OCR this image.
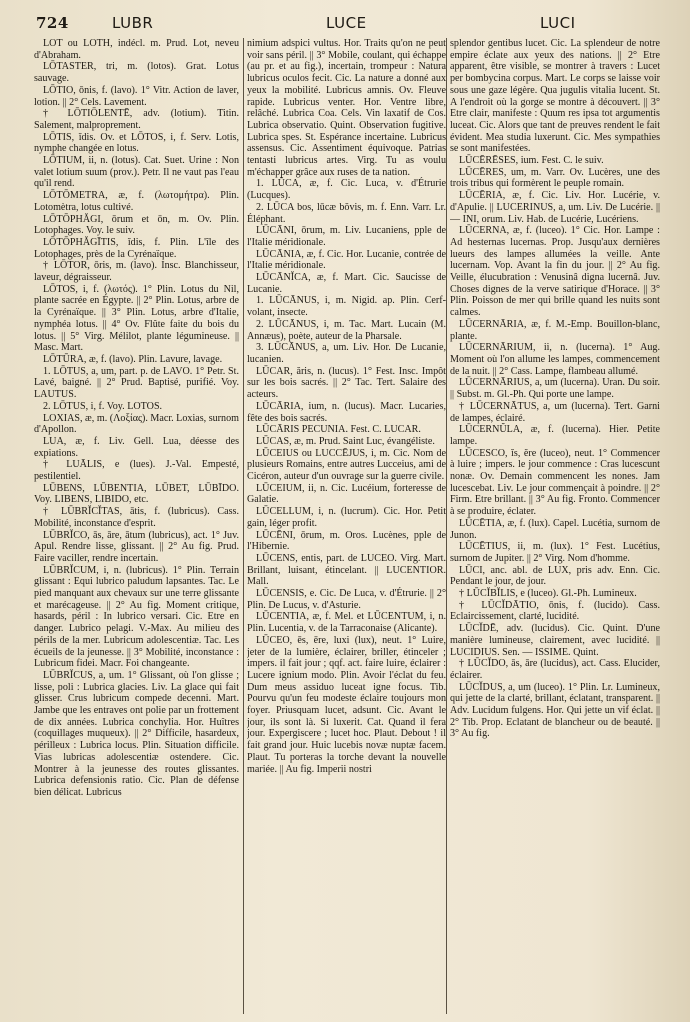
724	LUBR	LUCE	LUCI

LOT ou LOTH, indécl. m. Prud. Lot, neveu d'Abraham.

LŌTASTER, tri, m. (lotos). Grat. Lotus sauvage.

LŌTIO, ōnis, f. (lavo). 1° Vitr. Action de laver, lotion. || 2° Cels. Lavement.

† LŌTIŌLENTĒ, adv. (lotium). Titin. Salement, malproprement.

LŌTIS, ĭdis. Ov. et LŌTOS, i, f. Serv. Lotis, nymphe changée en lotus.

LŌTIUM, ii, n. (lotus). Cat. Suet. Urine : Non valet lotium suum (prov.). Petr. Il ne vaut pas l'eau qu'il rend.

LŌTŌMETRA, æ, f. (λωτομήτρα). Plin. Lotomètra, lotus cultivé.

LŌTŌPHĂGI, ōrum et ōn, m. Ov. Plin. Lotophages. Voy. le suiv.

LŌTŌPHĂGĪTIS, ĭdis, f. Plin. L'île des Lotophages, près de la Cyrénaïque.

† LŌTOR, ōris, m. (lavo). Insc. Blanchisseur, laveur, dégraisseur.

LŌTOS, i, f. (λωτός). 1° Plin. Lotus du Nil, plante sacrée en Égypte. || 2° Plin. Lotus, arbre de la Cyrénaïque. || 3° Plin. Lotus, arbre d'Italie, nymphéa lotus. || 4° Ov. Flûte faite du bois du lotus. || 5° Virg. Mélilot, plante légumineuse. || Masc. Mart.

LŌTŪRA, æ, f. (lavo). Plin. Lavure, lavage.

1. LŌTUS, a, um, part. p. de LAVO. 1° Petr. St. Lavé, baigné. || 2° Prud. Baptisé, purifié. Voy. LAUTUS.

2. LŌTUS, i, f. Voy. LOTOS.

LOXIAS, æ, m. (Λοξίας). Macr. Loxias, surnom d'Apollon.

LUA, æ, f. Liv. Gell. Lua, déesse des expiations.

† LUĀLIS, e (lues). J.-Val. Empesté, pestilentiel.

LŪBENS, LŪBENTIA, LŪBET, LŪBĪDO. Voy. LIBENS, LIBIDO, etc.

† LŪBRĬCĬTAS, ātis, f. (lubricus). Cass. Mobilité, inconstance d'esprit.

LŪBRĬCO, ās, āre, ātum (lubricus), act. 1° Juv. Apul. Rendre lisse, glissant. || 2° Au fig. Prud. Faire vaciller, rendre incertain.

LŪBRĬCUM, i, n. (lubricus). 1° Plin. Terrain glissant : Equi lubrico paludum lapsantes. Tac. Le pied manquant aux chevaux sur une terre glissante et marécageuse. || 2° Au fig. Moment critique, hasards, péril : In lubrico versari. Cic. Etre en danger. Lubrico pelagi. V.-Max. Au milieu des périls de la mer. Lubricum adolescentiæ. Tac. Les écueils de la jeunesse. || 3° Mobilité, inconstance : Lubricum fidei. Macr. Foi changeante.

LŪBRĬCUS, a, um. 1° Glissant, où l'on glisse ; lisse, poli : Lubrica glacies. Liv. La glace qui fait glisser. Crus lubricum compede decenni. Mart. Jambe que les entraves ont polie par un frottement de dix années. Lubrica conchylia. Hor. Huîtres (coquillages muqueux). || 2° Difficile, hasardeux, périlleux : Lubrica locus. Plin. Situation difficile. Vias lubricas adolescentiæ ostendere. Cic. Montrer à la jeunesse des routes glissantes. Lubrica defensionis ratio. Cic. Plan de défense bien délicat. Lubricus

nimium adspici vultus. Hor. Traits qu'on ne peut voir sans péril. || 3° Mobile, coulant, qui échappe (au pr. et au fig.), incertain, trompeur : Natura lubricus oculos fecit. Cic. La nature a donné aux yeux la mobilité. Lubricus amnis. Ov. Fleuve rapide. Lubricus venter. Hor. Ventre libre, relâché. Lubrica Coa. Cels. Vin laxatif de Cos. Lubrica observatio. Quint. Observation fugitive. Lubrica spes. St. Espérance incertaine. Lubricus assensus. Cic. Assentiment équivoque. Patrias tentasti lubricus artes. Virg. Tu as voulu m'échapper grâce aux ruses de ta nation.

1. LŪCA, æ, f. Cic. Luca, v. d'Étrurie (Lucques).

2. LŪCA bos, lūcæ bŏvis, m. f. Enn. Varr. Lr. Éléphant.

LŪCĀNI, ōrum, m. Liv. Lucaniens, pple de l'Italie méridionale.

LŪCĀNIA, æ, f. Cic. Hor. Lucanie, contrée de l'Italie méridionale.

LŪCĀNĬCA, æ, f. Mart. Cic. Saucisse de Lucanie.

1. LŪCĀNUS, i, m. Nigid. ap. Plin. Cerf-volant, insecte.

2. LŪCĀNUS, i, m. Tac. Mart. Lucain (M. Annæus), poète, auteur de la Pharsale.

3. LŪCĀNUS, a, um. Liv. Hor. De Lucanie, lucanien.

LŪCAR, ăris, n. (lucus). 1° Fest. Insc. Impôt sur les bois sacrés. || 2° Tac. Tert. Salaire des acteurs.

LŪCĀRIA, ium, n. (lucus). Macr. Lucaries, fête des bois sacrés.

LŪCĀRIS PECUNIA. Fest. C. LUCAR.

LŪCAS, æ, m. Prud. Saint Luc, évangéliste.

LŪCEIUS ou LUCCĒJUS, i, m. Cic. Nom de plusieurs Romains, entre autres Lucceius, ami de Cicéron, auteur d'un ouvrage sur la guerre civile.

LŪCEIUM, ii, n. Cic. Lucéium, forteresse de Galatie.

LŪCELLUM, i, n. (lucrum). Cic. Hor. Petit gain, léger profit.

LŪCĒNI, ōrum, m. Oros. Lucènes, pple de l'Hibernie.

LŪCENS, entis, part. de LUCEO. Virg. Mart. Brillant, luisant, étincelant. || LUCENTIOR. Mall.

LŪCENSIS, e. Cic. De Luca, v. d'Étrurie. || 2° Plin. De Lucus, v. d'Asturie.

LŪCENTIA, æ, f. Mel. et LŪCENTUM, i, n. Plin. Lucentia, v. de la Tarraconaise (Alicante).

LŪCEO, ēs, ēre, luxi (lux), neut. 1° Luire, jeter de la lumière, éclairer, briller, étinceler ; impers. il fait jour ; qqf. act. faire luire, éclairer : Lucere ignium modo. Plin. Avoir l'éclat du feu. Dum meus assiduo luceat igne focus. Tib. Pourvu qu'un feu modeste éclaire toujours mon foyer. Priusquam lucet, adsunt. Cic. Avant le jour, ils sont là. Si luxerit. Cat. Quand il fera jour. Expergiscere ; lucet hoc. Plaut. Debout ! il fait grand jour. Huic lucebis novæ nuptæ facem. Plaut. Tu porteras la torche devant la nouvelle mariée. || Au fig. Imperii nostri

splendor gentibus lucet. Cic. La splendeur de notre empire éclate aux yeux des nations. || 2° Etre apparent, être visible, se montrer à travers : Lucet per bombycina corpus. Mart. Le corps se laisse voir sous une gaze légère. Qua jugulis vitalia lucent. St. A l'endroit où la gorge se montre à découvert. || 3° Etre clair, manifeste : Quum res ipsa tot argumentis luceat. Cic. Alors que tant de preuves rendent le fait évident. Mea studia luxerunt. Cic. Mes sympathies se sont manifestées.

LŪCĒRĒSES, ium. Fest. C. le suiv.

LŪCĒRES, um, m. Varr. Ov. Lucères, une des trois tribus qui formèrent le peuple romain.

LŪCĒRIA, æ, f. Cic. Liv. Hor. Lucérie, v. d'Apulie. || LUCERINUS, a, um. Liv. De Lucérie. || — INI, orum. Liv. Hab. de Lucérie, Lucériens.

LŪCERNA, æ, f. (luceo). 1° Cic. Hor. Lampe : Ad hesternas lucernas. Prop. Jusqu'aux dernières lueurs des lampes allumées la veille. Ante lucernam. Vop. Avant la fin du jour. || 2° Au fig. Veille, élucubration : Venusinâ digna lucernâ. Juv. Choses dignes de la verve satirique d'Horace. || 3° Plin. Poisson de mer qui brille quand les nuits sont calmes.

LŪCERNĀRIA, æ, f. M.-Emp. Bouillon-blanc, plante.

LŪCERNĀRIUM, ii, n. (lucerna). 1° Aug. Moment où l'on allume les lampes, commencement de la nuit. || 2° Cass. Lampe, flambeau allumé.

LŪCERNĀRIUS, a, um (lucerna). Uran. Du soir. || Subst. m. Gl.-Ph. Qui porte une lampe.

† LŪCERNĀTUS, a, um (lucerna). Tert. Garni de lampes, éclairé.

LŪCERNŬLA, æ, f. (lucerna). Hier. Petite lampe.

LŪCESCO, ĭs, ĕre (luceo), neut. 1° Commencer à luire ; impers. le jour commence : Cras lucescunt nonæ. Ov. Demain commencent les nones. Jam lucescebat. Liv. Le jour commençait à poindre. || 2° Firm. Etre brillant. || 3° Au fig. Fronto. Commencer à se produire, éclater.

LŪCĒTIA, æ, f. (lux). Capel. Lucétia, surnom de Junon.

LŪCĒTIUS, ii, m. (lux). 1° Fest. Lucétius, surnom de Jupiter. || 2° Virg. Nom d'homme.

LŪCI, anc. abl. de LUX, pris adv. Enn. Cic. Pendant le jour, de jour.

† LŪCĬBĬLIS, e (luceo). Gl.-Ph. Lumineux.

† LŪCĬDĀTIO, ōnis, f. (lucido). Cass. Eclaircissement, clarté, lucidité.

LŪCĬDĒ, adv. (lucidus). Cic. Quint. D'une manière lumineuse, clairement, avec lucidité. || LUCIDIUS. Sen. — ISSIME. Quint.

† LŪCĬDO, ās, āre (lucidus), act. Cass. Elucider, éclairer.

LŪCĬDUS, a, um (luceo). 1° Plin. Lr. Lumineux, qui jette de la clarté, brillant, éclatant, transparent. || Adv. Lucidum fulgens. Hor. Qui jette un vif éclat. || 2° Tib. Prop. Eclatant de blancheur ou de beauté. || 3° Au fig.
